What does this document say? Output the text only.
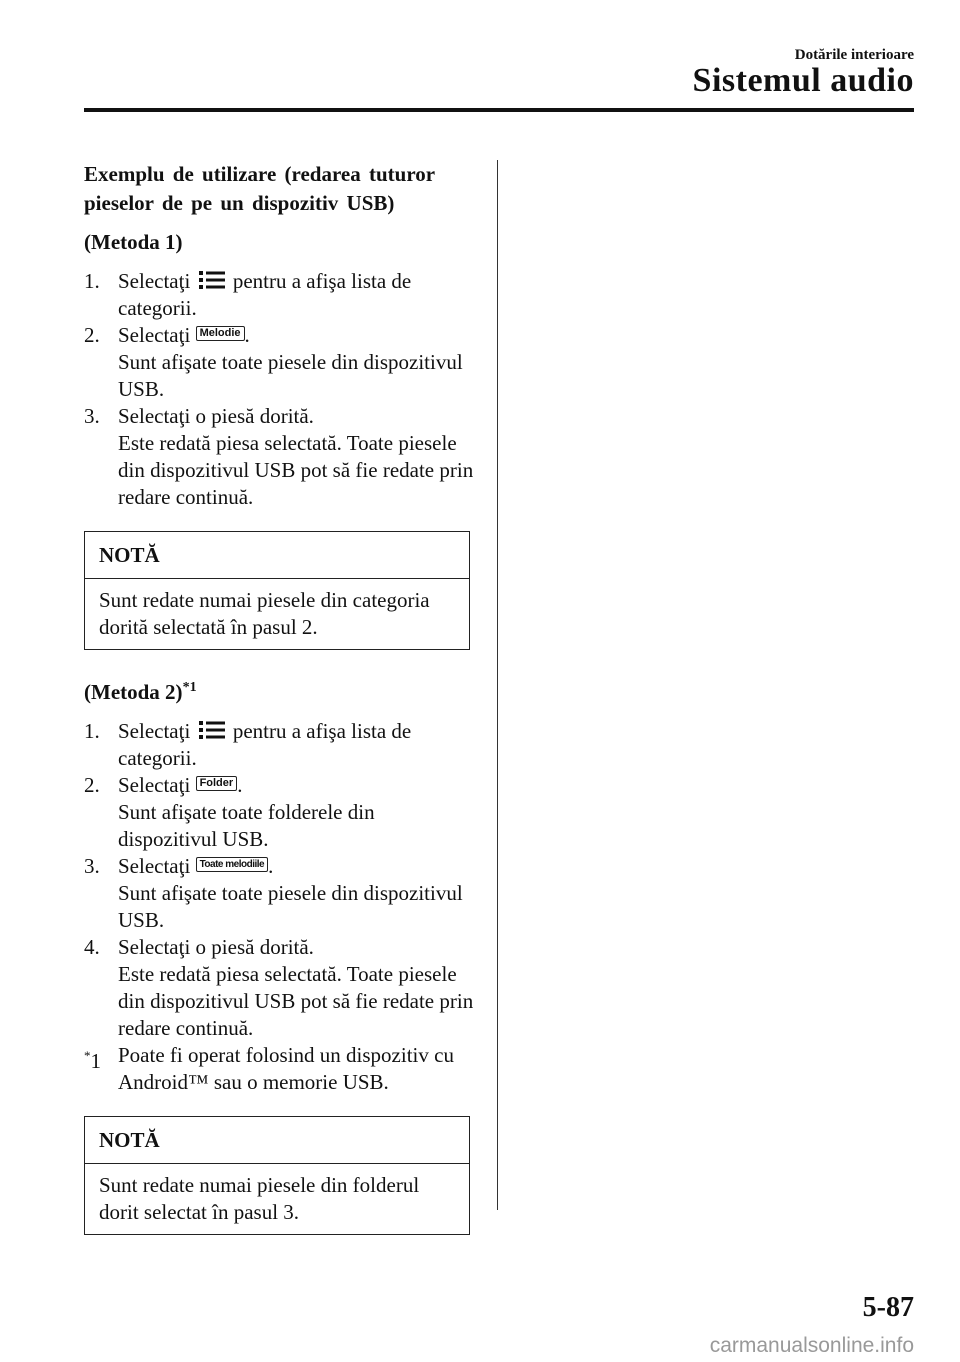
Dotările interioare
Sistemul audio
Exemplu de utilizare (redarea tuturor pieselor de pe un dispozitiv USB)
(Metoda 1)
1. Selectaţi pentru a afişa lista de categorii.
2. Selectaţi Melodie .
Sunt afişate toate piesele din dispozitivul USB.
3. Selectaţi o piesă dorită.
Este redată piesa selectată. Toate piesele din dispozitivul USB pot să fie redate prin redare continuă.
NOTĂ
Sunt redate numai piesele din categoria dorită selectată în pasul 2.
(Metoda 2)$^{*1}$
1. Selectaţi pentru a afişa lista de categorii.
2. Selectaţi Folder .
Sunt afişate toate folderele din dispozitivul USB.
3. Selectaţi Toate melodiile .
Sunt afişate toate piesele din dispozitivul USB.
4. Selectaţi o piesă dorită.
Este redată piesa selectată. Toate piesele din dispozitivul USB pot să fie redate prin redare continuă.
*1 Poate fi operat folosind un dispozitiv cu Android™ sau o memorie USB.
NOTĂ
Sunt redate numai piesele din folderul dorit selectat în pasul 3.
5-87
carmanualsonline.info
